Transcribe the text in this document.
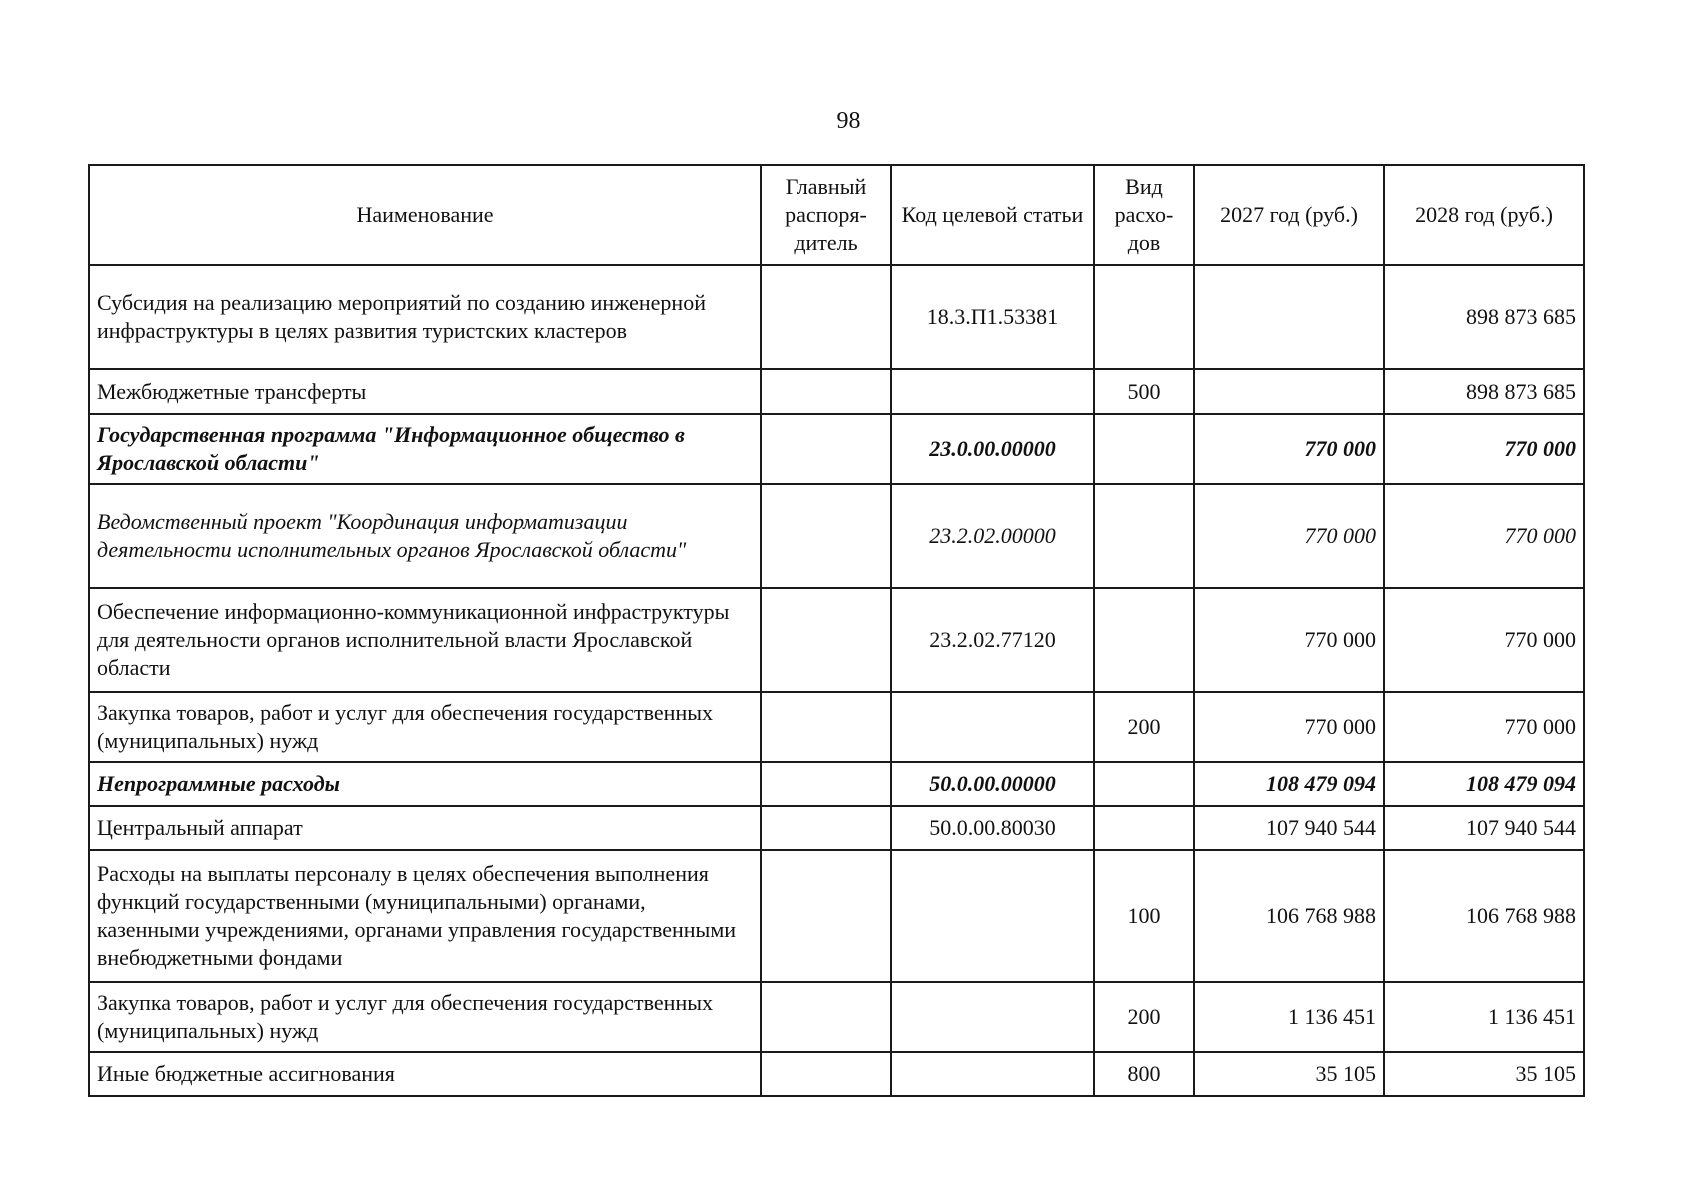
98
Наименование	Главный распоря-дитель	Код целевой статьи	Вид расхо-дов	2027 год (руб.)	2028 год (руб.)
Субсидия на реализацию мероприятий по созданию инженерной инфраструктуры в целях развития туристских кластеров		18.3.П1.53381			898 873 685
Межбюджетные трансферты			500		898 873 685
Государственная программа "Информационное общество в Ярославской области"		23.0.00.00000		770 000	770 000
Ведомственный проект "Координация информатизации деятельности исполнительных органов Ярославской области"		23.2.02.00000		770 000	770 000
Обеспечение информационно-коммуникационной инфраструктуры для деятельности органов исполнительной власти Ярославской области		23.2.02.77120		770 000	770 000
Закупка товаров, работ и услуг для обеспечения государственных (муниципальных) нужд			200	770 000	770 000
Непрограммные расходы		50.0.00.00000		108 479 094	108 479 094
Центральный аппарат		50.0.00.80030		107 940 544	107 940 544
Расходы на выплаты персоналу в целях обеспечения выполнения функций государственными (муниципальными) органами, казенными учреждениями, органами управления государственными внебюджетными фондами			100	106 768 988	106 768 988
Закупка товаров, работ и услуг для обеспечения государственных (муниципальных) нужд			200	1 136 451	1 136 451
Иные бюджетные ассигнования			800	35 105	35 105
